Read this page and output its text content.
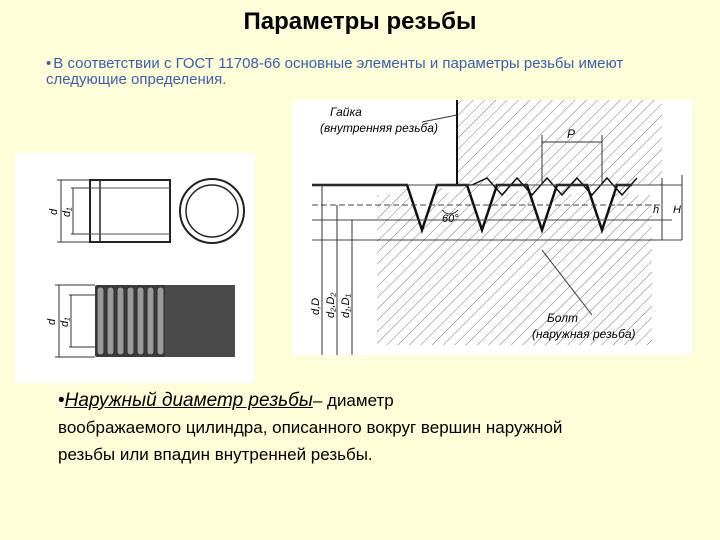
Параметры резьбы
• В соответствии с ГОСТ 11708-66 основные элементы и параметры резьбы имеют следующие определения.
d d₁
d d₁
Гайка
(внутренняя резьба)
Болт
(наружная резьба)
P
60°
h H
d,D d₂,D₂ d₁,D₁
•Наружный диаметр резьбы– диаметр
воображаемого цилиндра, описанного вокруг вершин наружной резьбы или впадин внутренней резьбы.
